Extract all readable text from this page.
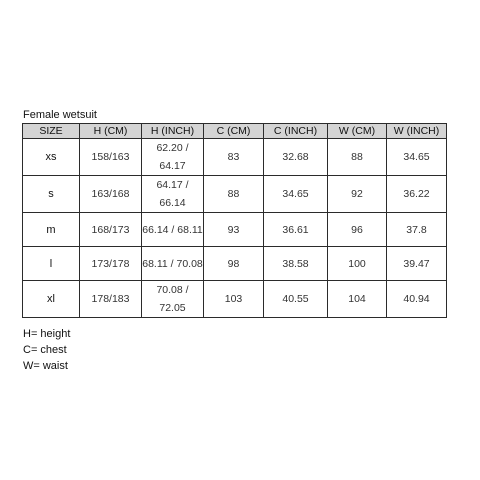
Female wetsuit
SIZE	H (CM)	H (INCH)	C (CM)	C (INCH)	W (CM)	W (INCH)
xs	158/163	62.20 / 64.17	83	32.68	88	34.65
s	163/168	64.17 / 66.14	88	34.65	92	36.22
m	168/173	66.14 / 68.11	93	36.61	96	37.8
l	173/178	68.11 / 70.08	98	38.58	100	39.47
xl	178/183	70.08 / 72.05	103	40.55	104	40.94
H= height
C= chest
W= waist
